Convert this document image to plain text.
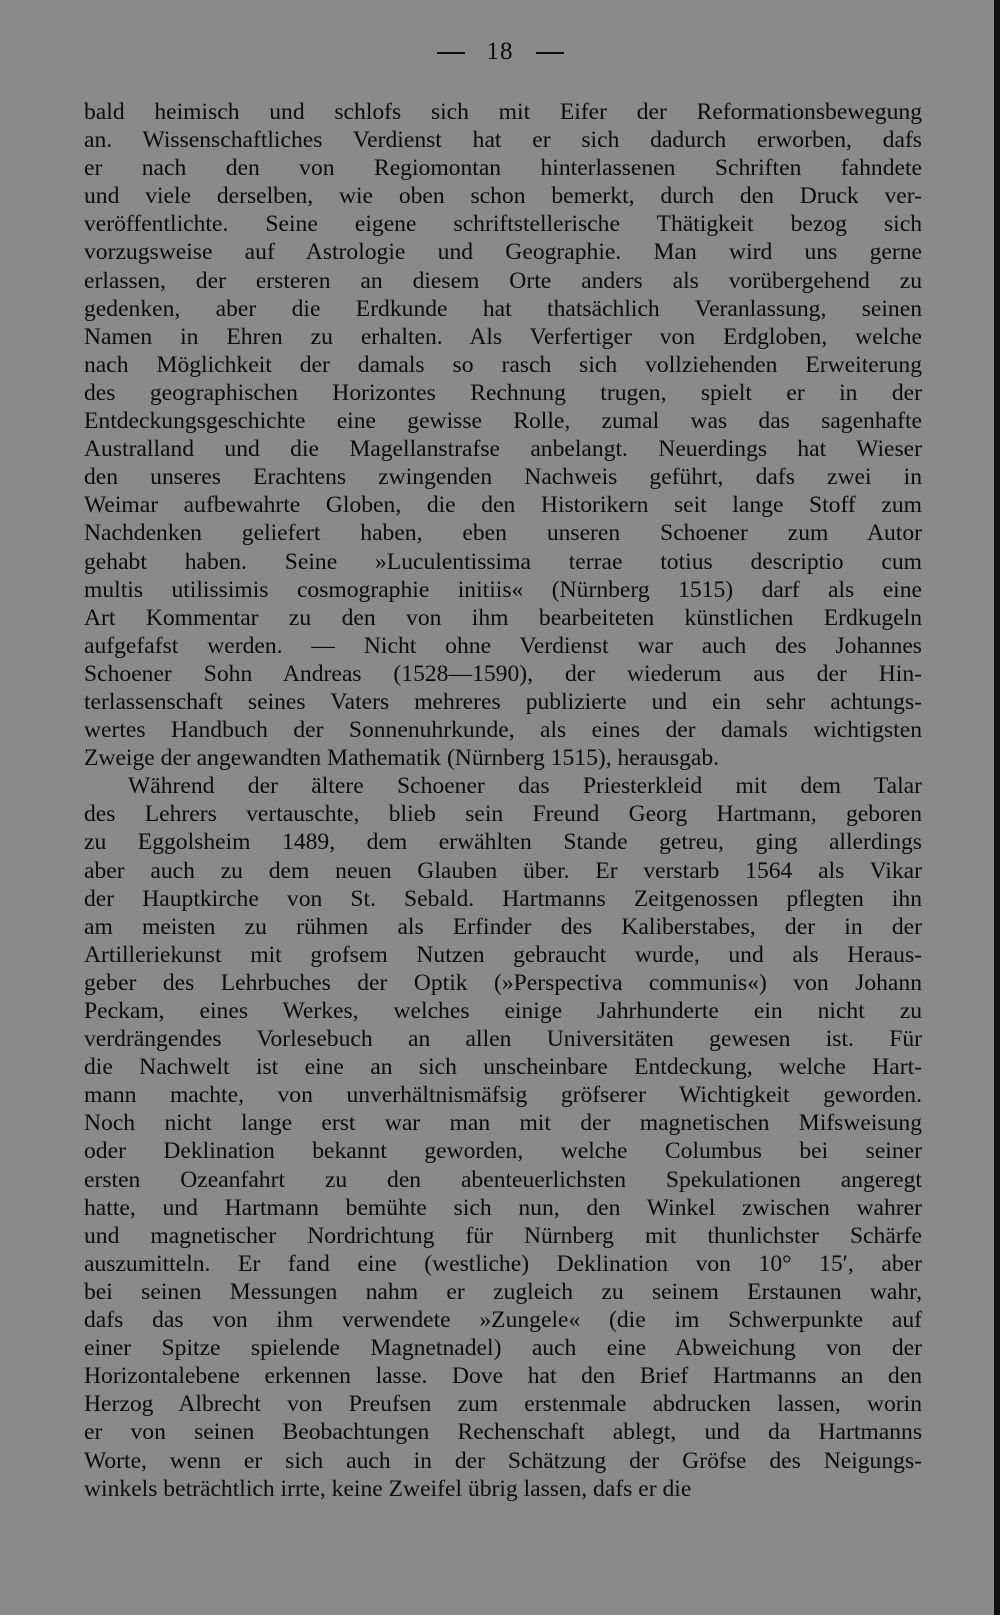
18
bald heimisch und schlofs sich mit Eifer der Reformationsbewegung
an. Wissenschaftliches Verdienst hat er sich dadurch erworben, dafs
er nach den von Regiomontan hinterlassenen Schriften fahndete
und viele derselben, wie oben schon bemerkt, durch den Druck ver-
veröffentlichte. Seine eigene schriftstellerische Thätigkeit bezog sich
vorzugsweise auf Astrologie und Geographie. Man wird uns gerne
erlassen, der ersteren an diesem Orte anders als vorübergehend zu
gedenken, aber die Erdkunde hat thatsächlich Veranlassung, seinen
Namen in Ehren zu erhalten. Als Verfertiger von Erdgloben, welche
nach Möglichkeit der damals so rasch sich vollziehenden Erweiterung
des geographischen Horizontes Rechnung trugen, spielt er in der
Entdeckungsgeschichte eine gewisse Rolle, zumal was das sagenhafte
Australland und die Magellanstrafse anbelangt. Neuerdings hat Wieser
den unseres Erachtens zwingenden Nachweis geführt, dafs zwei in
Weimar aufbewahrte Globen, die den Historikern seit lange Stoff zum
Nachdenken geliefert haben, eben unseren Schoener zum Autor
gehabt haben. Seine »Luculentissima terrae totius descriptio cum
multis utilissimis cosmographie initiis« (Nürnberg 1515) darf als eine
Art Kommentar zu den von ihm bearbeiteten künstlichen Erdkugeln
aufgefafst werden. — Nicht ohne Verdienst war auch des Johannes
Schoener Sohn Andreas (1528—1590), der wiederum aus der Hin-
terlassenschaft seines Vaters mehreres publizierte und ein sehr achtungs-
wertes Handbuch der Sonnenuhrkunde, als eines der damals wichtigsten
Zweige der angewandten Mathematik (Nürnberg 1515), herausgab.
Während der ältere Schoener das Priesterkleid mit dem Talar
des Lehrers vertauschte, blieb sein Freund Georg Hartmann, geboren
zu Eggolsheim 1489, dem erwählten Stande getreu, ging allerdings
aber auch zu dem neuen Glauben über. Er verstarb 1564 als Vikar
der Hauptkirche von St. Sebald. Hartmanns Zeitgenossen pflegten ihn
am meisten zu rühmen als Erfinder des Kaliberstabes, der in der
Artilleriekunst mit grofsem Nutzen gebraucht wurde, und als Heraus-
geber des Lehrbuches der Optik (»Perspectiva communis«) von Johann
Peckam, eines Werkes, welches einige Jahrhunderte ein nicht zu
verdrängendes Vorlesebuch an allen Universitäten gewesen ist. Für
die Nachwelt ist eine an sich unscheinbare Entdeckung, welche Hart-
mann machte, von unverhältnismäfsig gröfserer Wichtigkeit geworden.
Noch nicht lange erst war man mit der magnetischen Mifsweisung
oder Deklination bekannt geworden, welche Columbus bei seiner
ersten Ozeanfahrt zu den abenteuerlichsten Spekulationen angeregt
hatte, und Hartmann bemühte sich nun, den Winkel zwischen wahrer
und magnetischer Nordrichtung für Nürnberg mit thunlichster Schärfe
auszumitteln. Er fand eine (westliche) Deklination von 10° 15′, aber
bei seinen Messungen nahm er zugleich zu seinem Erstaunen wahr,
dafs das von ihm verwendete »Zungele« (die im Schwerpunkte auf
einer Spitze spielende Magnetnadel) auch eine Abweichung von der
Horizontalebene erkennen lasse. Dove hat den Brief Hartmanns an den
Herzog Albrecht von Preufsen zum erstenmale abdrucken lassen, worin
er von seinen Beobachtungen Rechenschaft ablegt, und da Hartmanns
Worte, wenn er sich auch in der Schätzung der Gröfse des Neigungs-
winkels beträchtlich irrte, keine Zweifel übrig lassen, dafs er die
